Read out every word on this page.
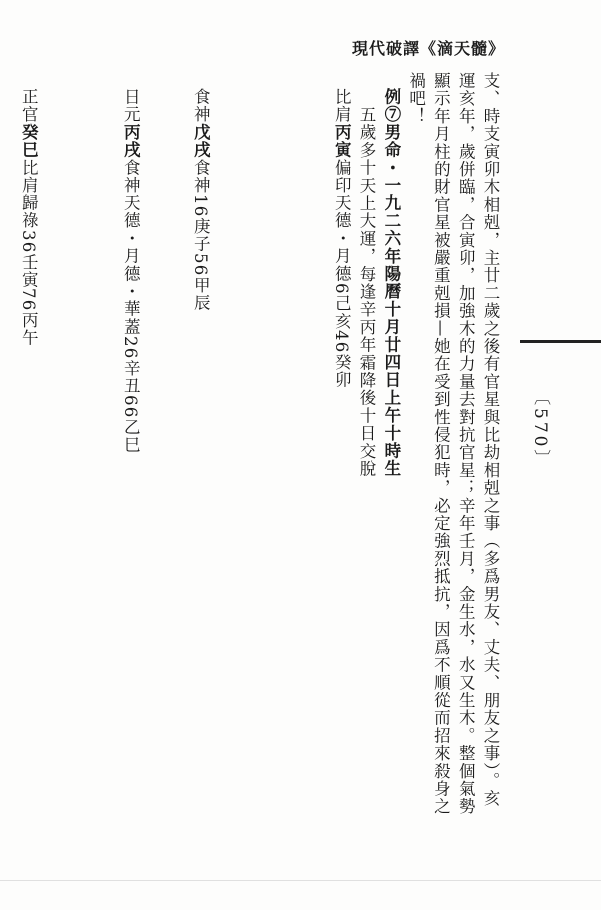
現代破譯《滴天髓》
〔570〕
支、時支寅卯木相剋，主廿二歲之後有官星與比劫相剋之事（多爲男友、丈夫、朋友之事）。亥
運亥年，歲併臨，合寅卯，加強木的力量去對抗官星；辛年壬月，金生水，水又生木。整個氣勢
顯示年月柱的財官星被嚴重剋損—她在受到性侵犯時，必定強烈抵抗，因爲不順從而招來殺身之
禍吧！
例⑦男命・一九二六年陽曆十月廿四日上午十時生
五歲多十天上大運，每逢辛丙年霜降後十日交脫
比肩丙寅偏印天德・月德6己亥46癸卯
食神戊戌食神16庚子56甲辰
日元丙戌食神天德・月德・華蓋26辛丑66乙巳
正官癸巳比肩歸祿36壬寅76丙午
